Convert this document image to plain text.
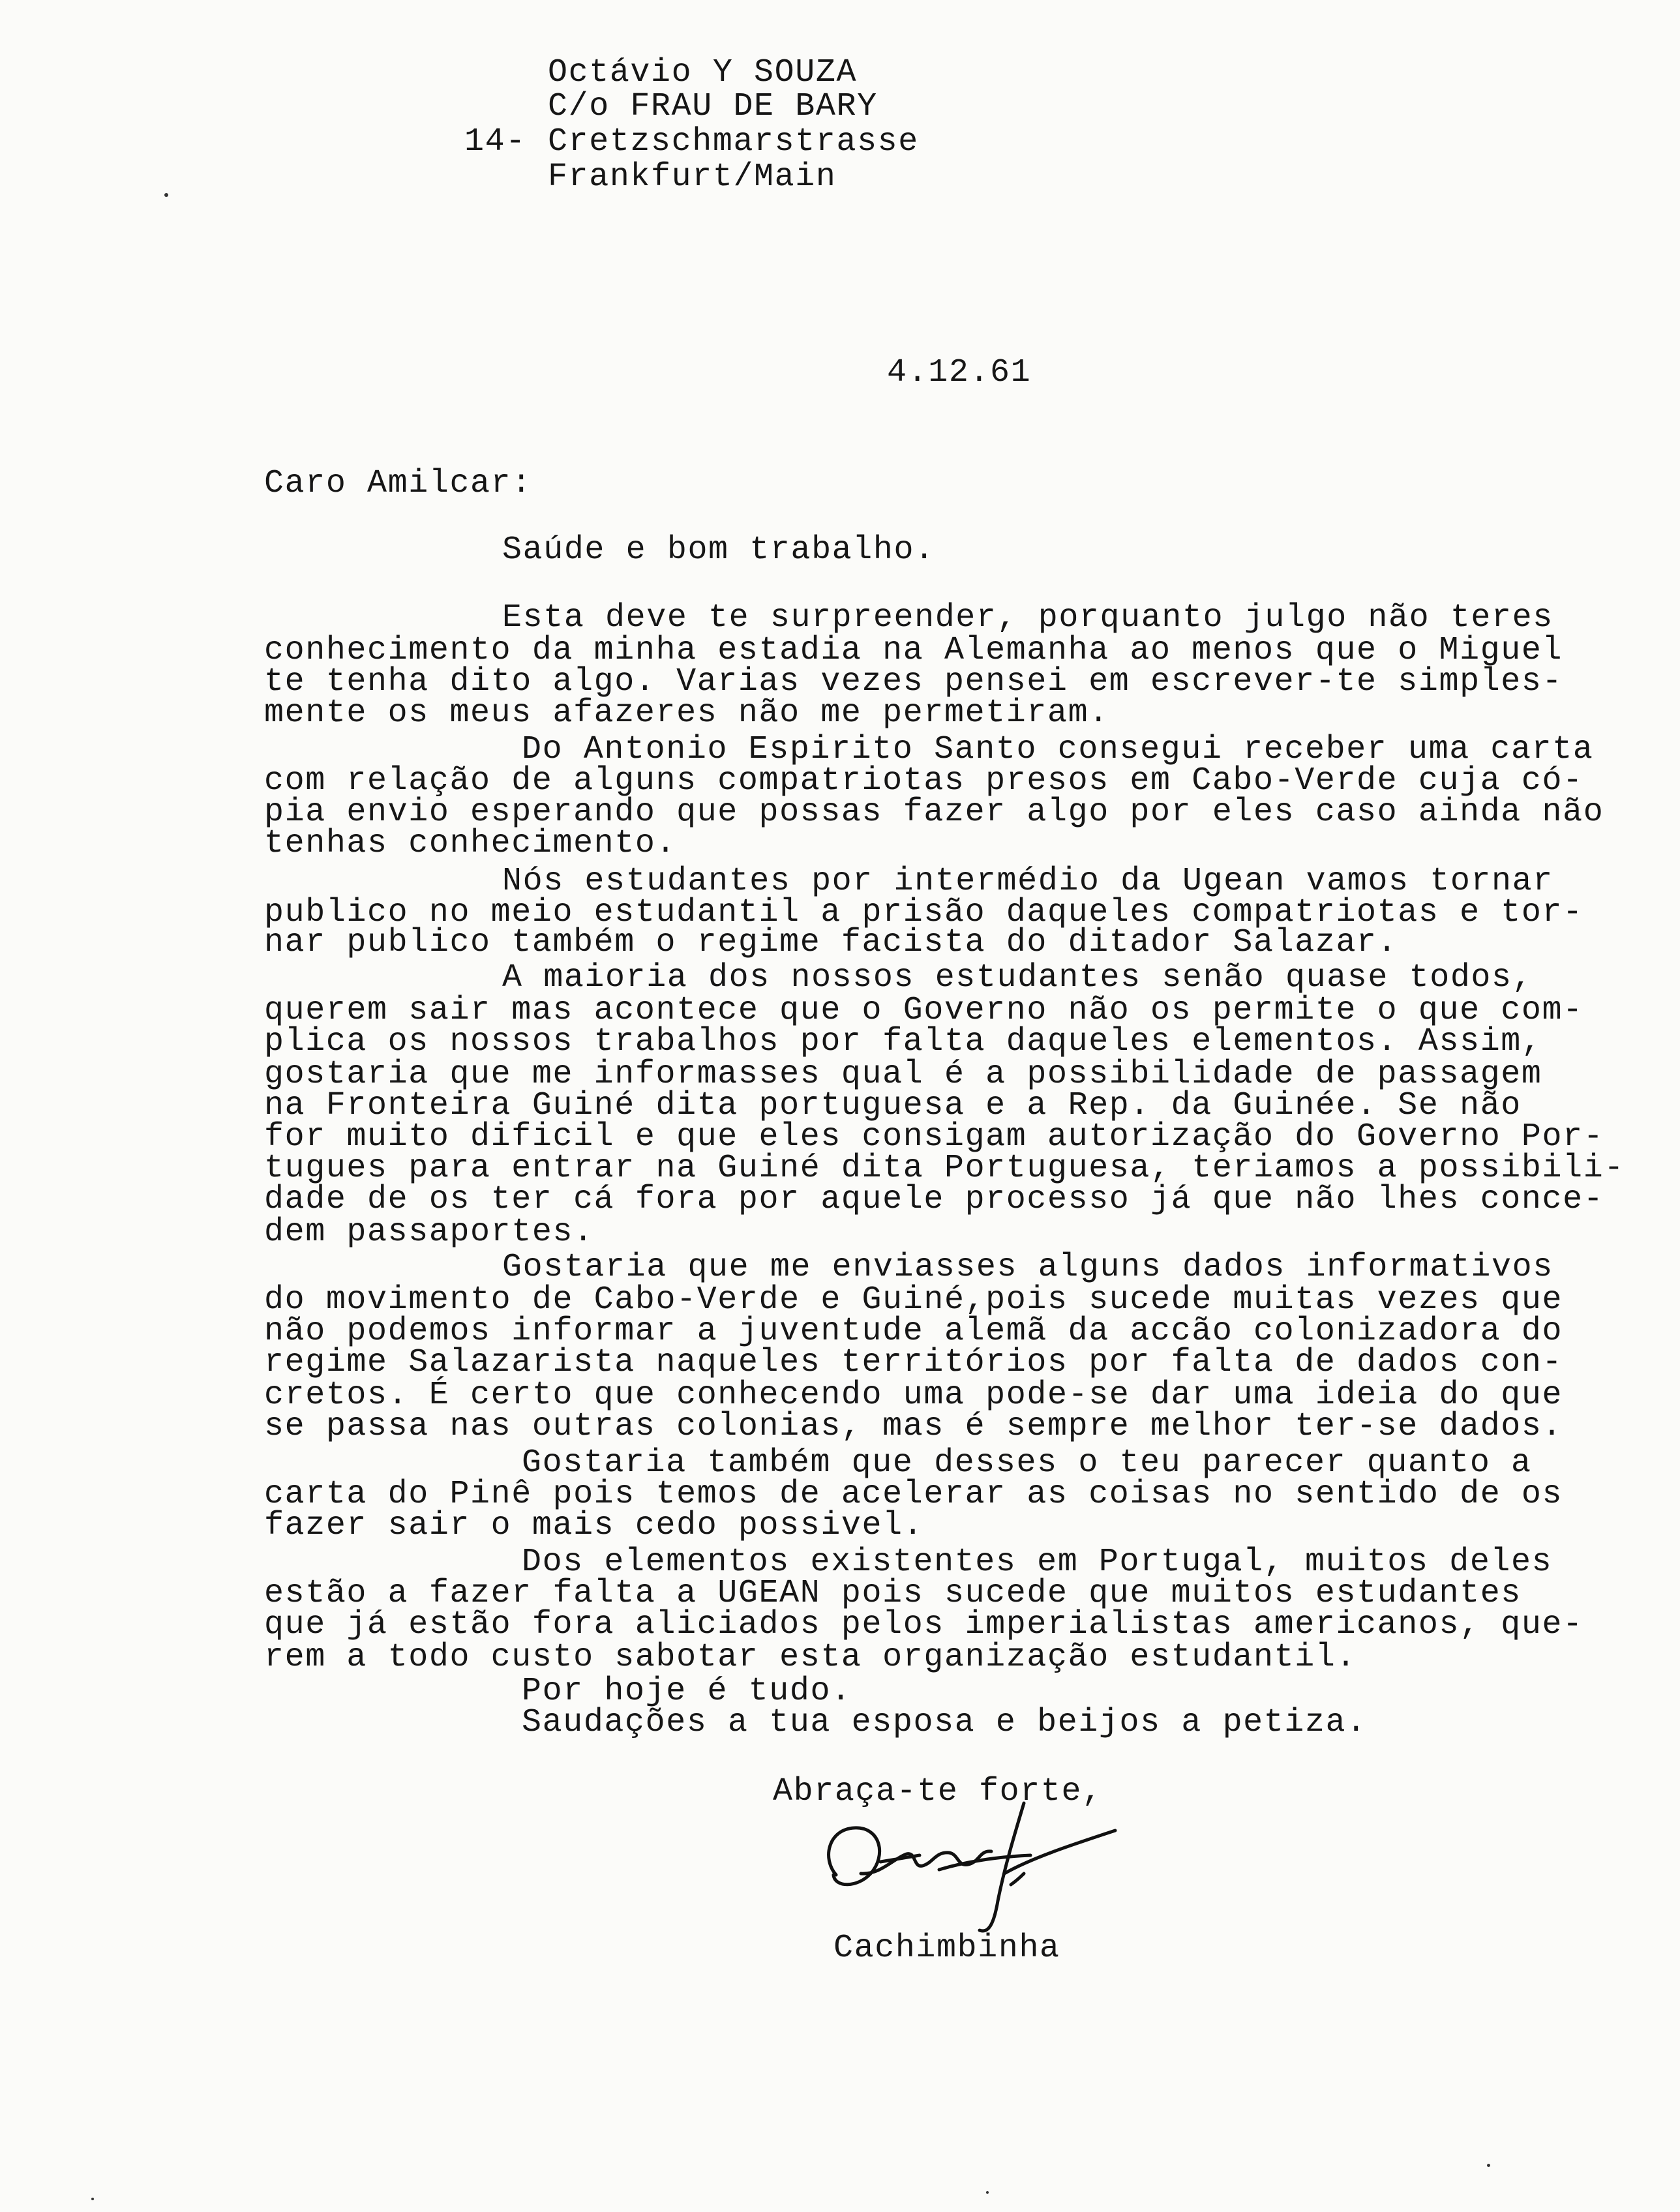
Octávio Y SOUZA

C/o FRAU DE BARY

14- Cretzschmarstrasse

Frankfurt/Main

4.12.61

Caro Amilcar:

Saúde e bom trabalho.

Esta deve te surpreender, porquanto julgo não teres

conhecimento da minha estadia na Alemanha ao menos que o Miguel

te tenha dito algo. Varias vezes pensei em escrever-te simples-

mente os meus afazeres não me permetiram.

Do Antonio Espirito Santo consegui receber uma carta

com relação de alguns compatriotas presos em Cabo-Verde cuja có-

pia envio esperando que possas fazer algo por eles caso ainda não

tenhas conhecimento.

Nós estudantes por intermédio da Ugean vamos tornar

publico no meio estudantil a prisão daqueles compatriotas e tor-

nar publico também o regime facista do ditador Salazar.

A maioria dos nossos estudantes senão quase todos,

querem sair mas acontece que o Governo não os permite o que com-

plica os nossos trabalhos por falta daqueles elementos. Assim,

gostaria que me informasses qual é a possibilidade de passagem

na Fronteira Guiné dita portuguesa e a Rep. da Guinée. Se não

for muito dificil e que eles consigam autorização do Governo Por-

tugues para entrar na Guiné dita Portuguesa, teriamos a possibili-

dade de os ter cá fora por aquele processo já que não lhes conce-

dem passaportes.

Gostaria que me enviasses alguns dados informativos

do movimento de Cabo-Verde e Guiné,pois sucede muitas vezes que

não podemos informar a juventude alemã da accão colonizadora do

regime Salazarista naqueles territórios por falta de dados con-

cretos. É certo que conhecendo uma pode-se dar uma ideia do que

se passa nas outras colonias, mas é sempre melhor ter-se dados.

Gostaria também que desses o teu parecer quanto a

carta do Pinê pois temos de acelerar as coisas no sentido de os

fazer sair o mais cedo possivel.

Dos elementos existentes em Portugal, muitos deles

estão a fazer falta a UGEAN pois sucede que muitos estudantes

que já estão fora aliciados pelos imperialistas americanos, que-

rem a todo custo sabotar esta organização estudantil.

Por hoje é tudo.

Saudações a tua esposa e beijos a petiza.

Abraça-te forte,

Cachimbinha
